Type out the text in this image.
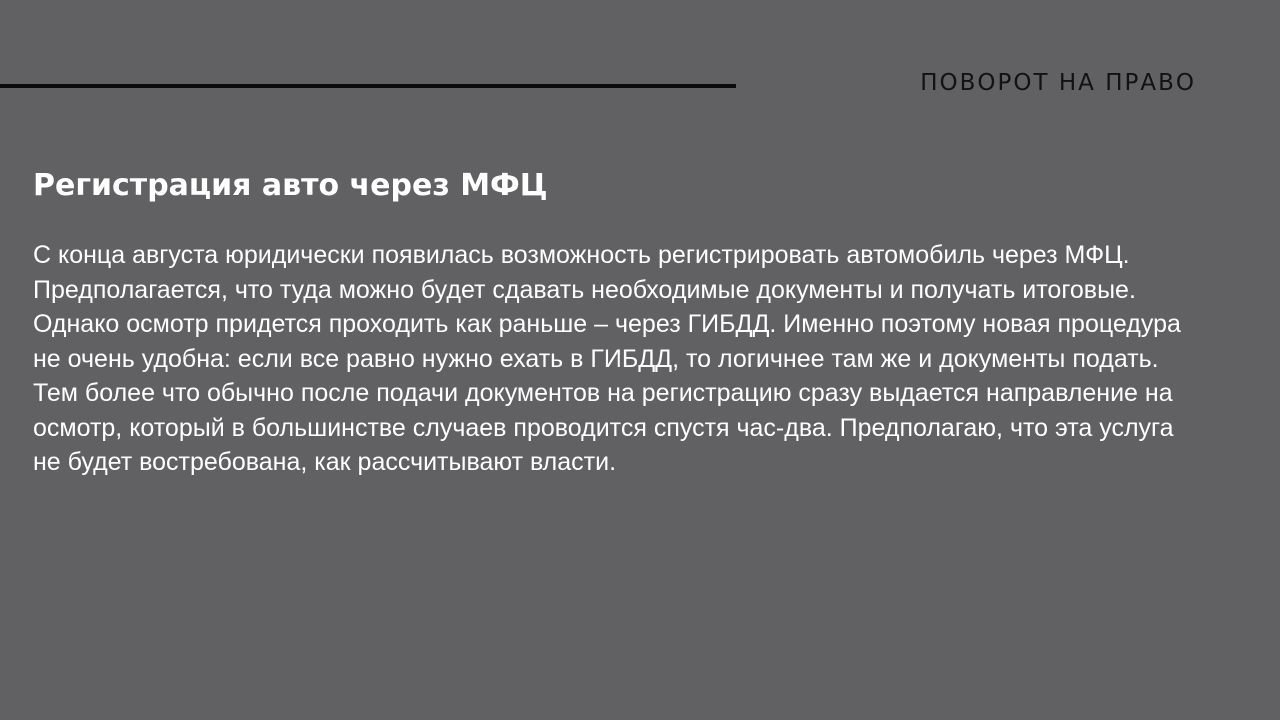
ПОВОРОТ НА ПРАВО
Регистрация авто через МФЦ

С конца августа юридически появилась возможность регистрировать автомобиль через МФЦ.
Предполагается, что туда можно будет сдавать необходимые документы и получать итоговые.
Однако осмотр придется проходить как раньше – через ГИБДД. Именно поэтому новая процедура
не очень удобна: если все равно нужно ехать в ГИБДД, то логичнее там же и документы подать.
Тем более что обычно после подачи документов на регистрацию сразу выдается направление на
осмотр, который в большинстве случаев проводится спустя час-два. Предполагаю, что эта услуга
не будет востребована, как рассчитывают власти.
